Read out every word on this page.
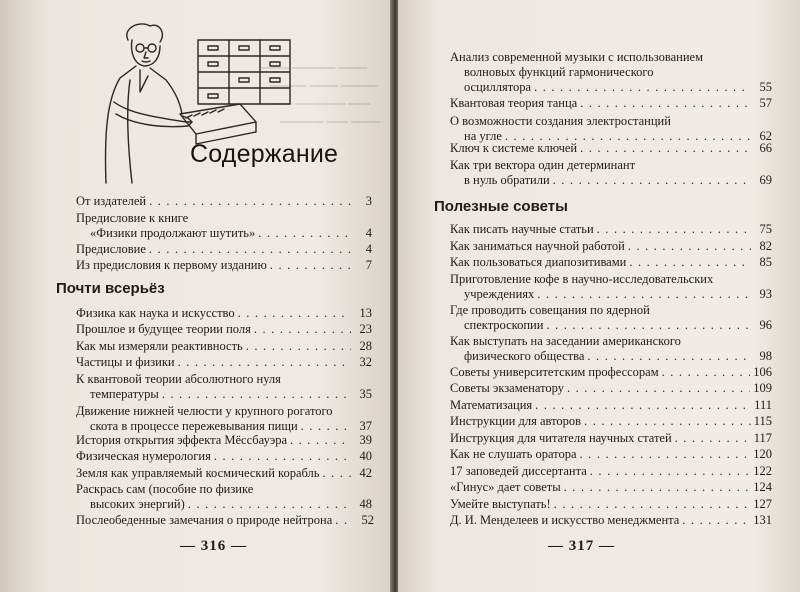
━━━━ ━━━━━━ ━━━━
━━━━━ ━━━━ ━━━━━
━━━ ━━━━━━━ ━━━
━━━━━━ ━━━ ━━━━
Содержание
От издателей . . .	3
Предисловие к книге
«Физики продолжают шутить» . . .	4
Предисловие . . .	4
Из предисловия к первому изданию . . .	7
Почти всерьёз
Физика как наука и искусство . . .	13
Прошлое и будущее теории поля . . .	23
Как мы измеряли реактивность . . .	28
Частицы и физики . . .	32
К квантовой теории абсолютного нуля
температуры . . .	35
Движение нижней челюсти у крупного рогатого
скота в процессе пережевывания пищи . . .	37
История открытия эффекта Мёссбауэра . . .	39
Физическая нумерология . . .	40
Земля как управляемый космический корабль . . .	42
Раскрась сам (пособие по физике
высоких энергий) . . .	48
Послеобеденные замечания о природе нейтрона . . .	52
— 316 —
Анализ современной музыки с использованием
волновых функций гармонического
осциллятора . . .	55
Квантовая теория танца . . .	57
О возможности создания электростанций
на угле . . .	62
Ключ к системе ключей . . .	66
Как три вектора один детерминант
в нуль обратили . . .	69
Полезные советы
Как писать научные статьи . . .	75
Как заниматься научной работой . . .	82
Как пользоваться диапозитивами . . .	85
Приготовление кофе в научно-исследовательских
учреждениях . . .	93
Где проводить совещания по ядерной
спектроскопии . . .	96
Как выступать на заседании американского
физического общества . . .	98
Советы университетским профессорам . . .	106
Советы экзаменатору . . .	109
Математизация . . .	111
Инструкции для авторов . . .	115
Инструкция для читателя научных статей . . .	117
Как не слушать оратора . . .	120
17 заповедей диссертанта . . .	122
«Гинус» дает советы . . .	124
Умейте выступать! . . .	127
Д. И. Менделеев и искусство менеджмента . . .	131
— 317 —
